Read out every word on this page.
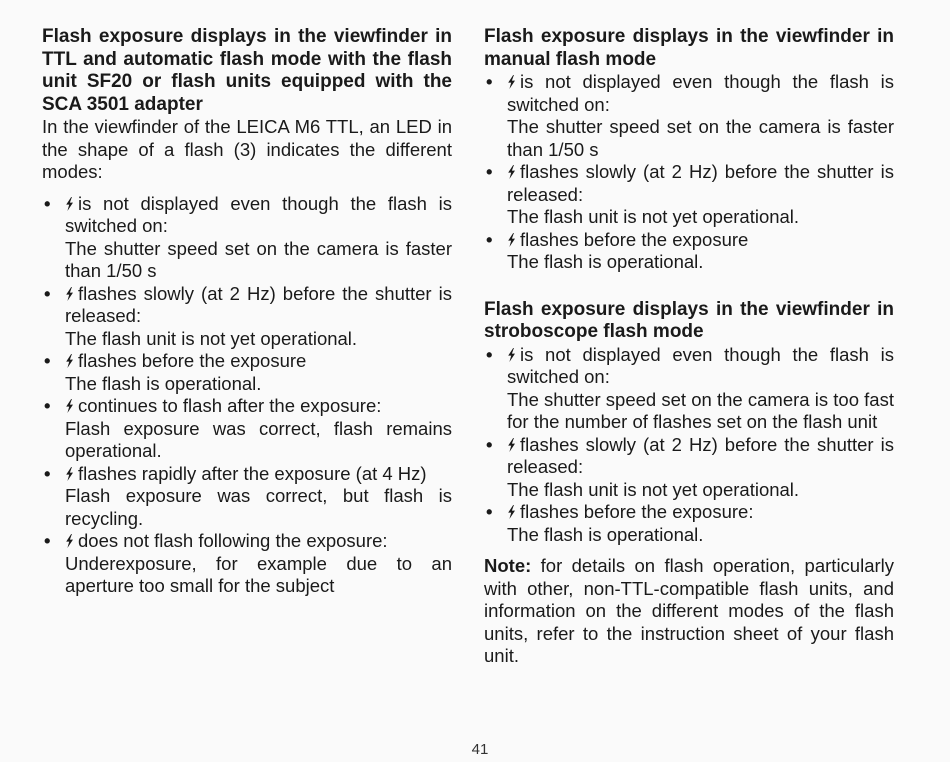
Flash exposure displays in the viewfinder in TTL and automatic flash mode with the flash unit SF20 or flash units equipped with the SCA 3501 adapter

In the viewfinder of the LEICA M6 TTL, an LED in the shape of a flash (3) indicates the different modes:

•	is not displayed even though the flash is switched on:
The shutter speed set on the camera is faster than 1/50 s
•	flashes slowly (at 2 Hz) before the shutter is released:
The flash unit is not yet operational.
•	flashes before the exposure
The flash is operational.
•	continues to flash after the exposure:
Flash exposure was correct, flash remains operational.
•	flashes rapidly after the exposure (at 4 Hz)
Flash exposure was correct, but flash is recycling.
•	does not flash following the exposure:
Underexposure, for example due to an aperture too small for the subject
Flash exposure displays in the viewfinder in manual flash mode
•	is not displayed even though the flash is switched on:
The shutter speed set on the camera is faster than 1/50 s
•	flashes slowly (at 2 Hz) before the shutter is released:
The flash unit is not yet operational.
•	flashes before the exposure
The flash is operational.
Flash exposure displays in the viewfinder in stroboscope flash mode
•	is not displayed even though the flash is switched on:
The shutter speed set on the camera is too fast for the number of flashes set on the flash unit
•	flashes slowly (at 2 Hz) before the shutter is released:
The flash unit is not yet operational.
•	flashes before the exposure:
The flash is operational.

Note: for details on flash operation, particularly with other, non-TTL-compatible flash units, and information on the different modes of the flash units, refer to the instruction sheet of your flash unit.

41
